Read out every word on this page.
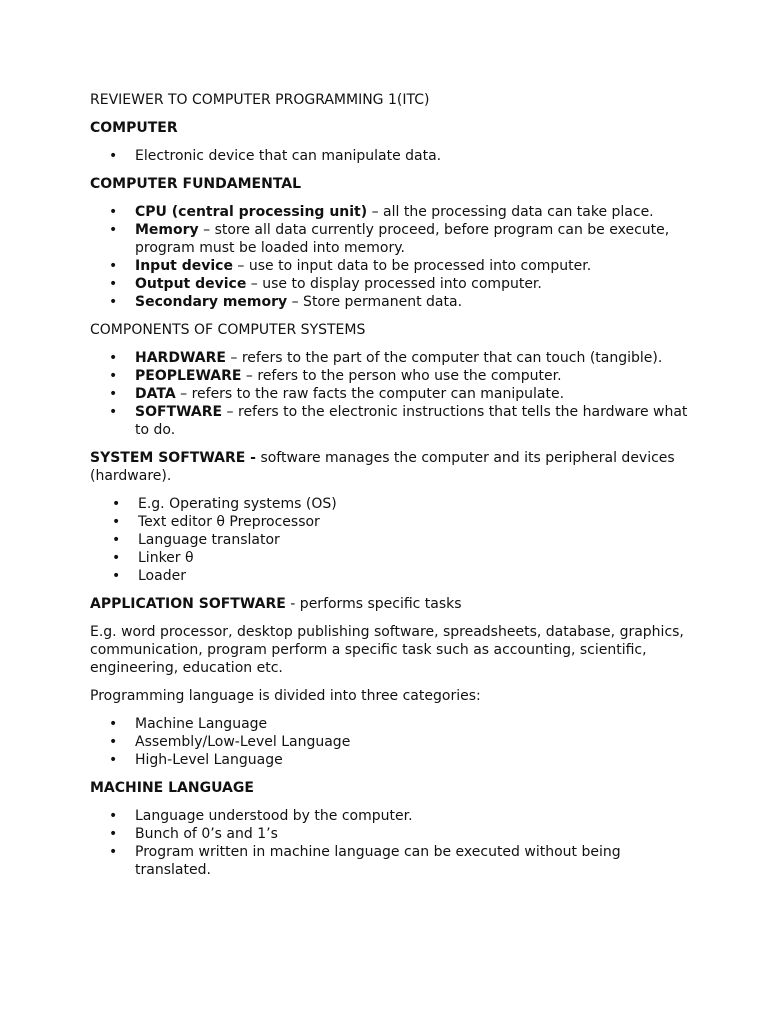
REVIEWER TO COMPUTER PROGRAMMING 1(ITC)

COMPUTER

• Electronic device that can manipulate data.

COMPUTER FUNDAMENTAL

• CPU (central processing unit) – all the processing data can take place.
• Memory – store all data currently proceed, before program can be execute, program must be loaded into memory.
• Input device – use to input data to be processed into computer.
• Output device – use to display processed into computer.
• Secondary memory – Store permanent data.

COMPONENTS OF COMPUTER SYSTEMS

• HARDWARE – refers to the part of the computer that can touch (tangible).
• PEOPLEWARE – refers to the person who use the computer.
• DATA – refers to the raw facts the computer can manipulate.
• SOFTWARE – refers to the electronic instructions that tells the hardware what to do.

SYSTEM SOFTWARE - software manages the computer and its peripheral devices (hardware).

• E.g. Operating systems (OS)
• Text editor θ Preprocessor
• Language translator
• Linker θ
• Loader

APPLICATION SOFTWARE - performs specific tasks

E.g. word processor, desktop publishing software, spreadsheets, database, graphics, communication, program perform a specific task such as accounting, scientific, engineering, education etc.

Programming language is divided into three categories:

• Machine Language
• Assembly/Low-Level Language
• High-Level Language

MACHINE LANGUAGE

• Language understood by the computer.
• Bunch of 0’s and 1’s
• Program written in machine language can be executed without being translated.
